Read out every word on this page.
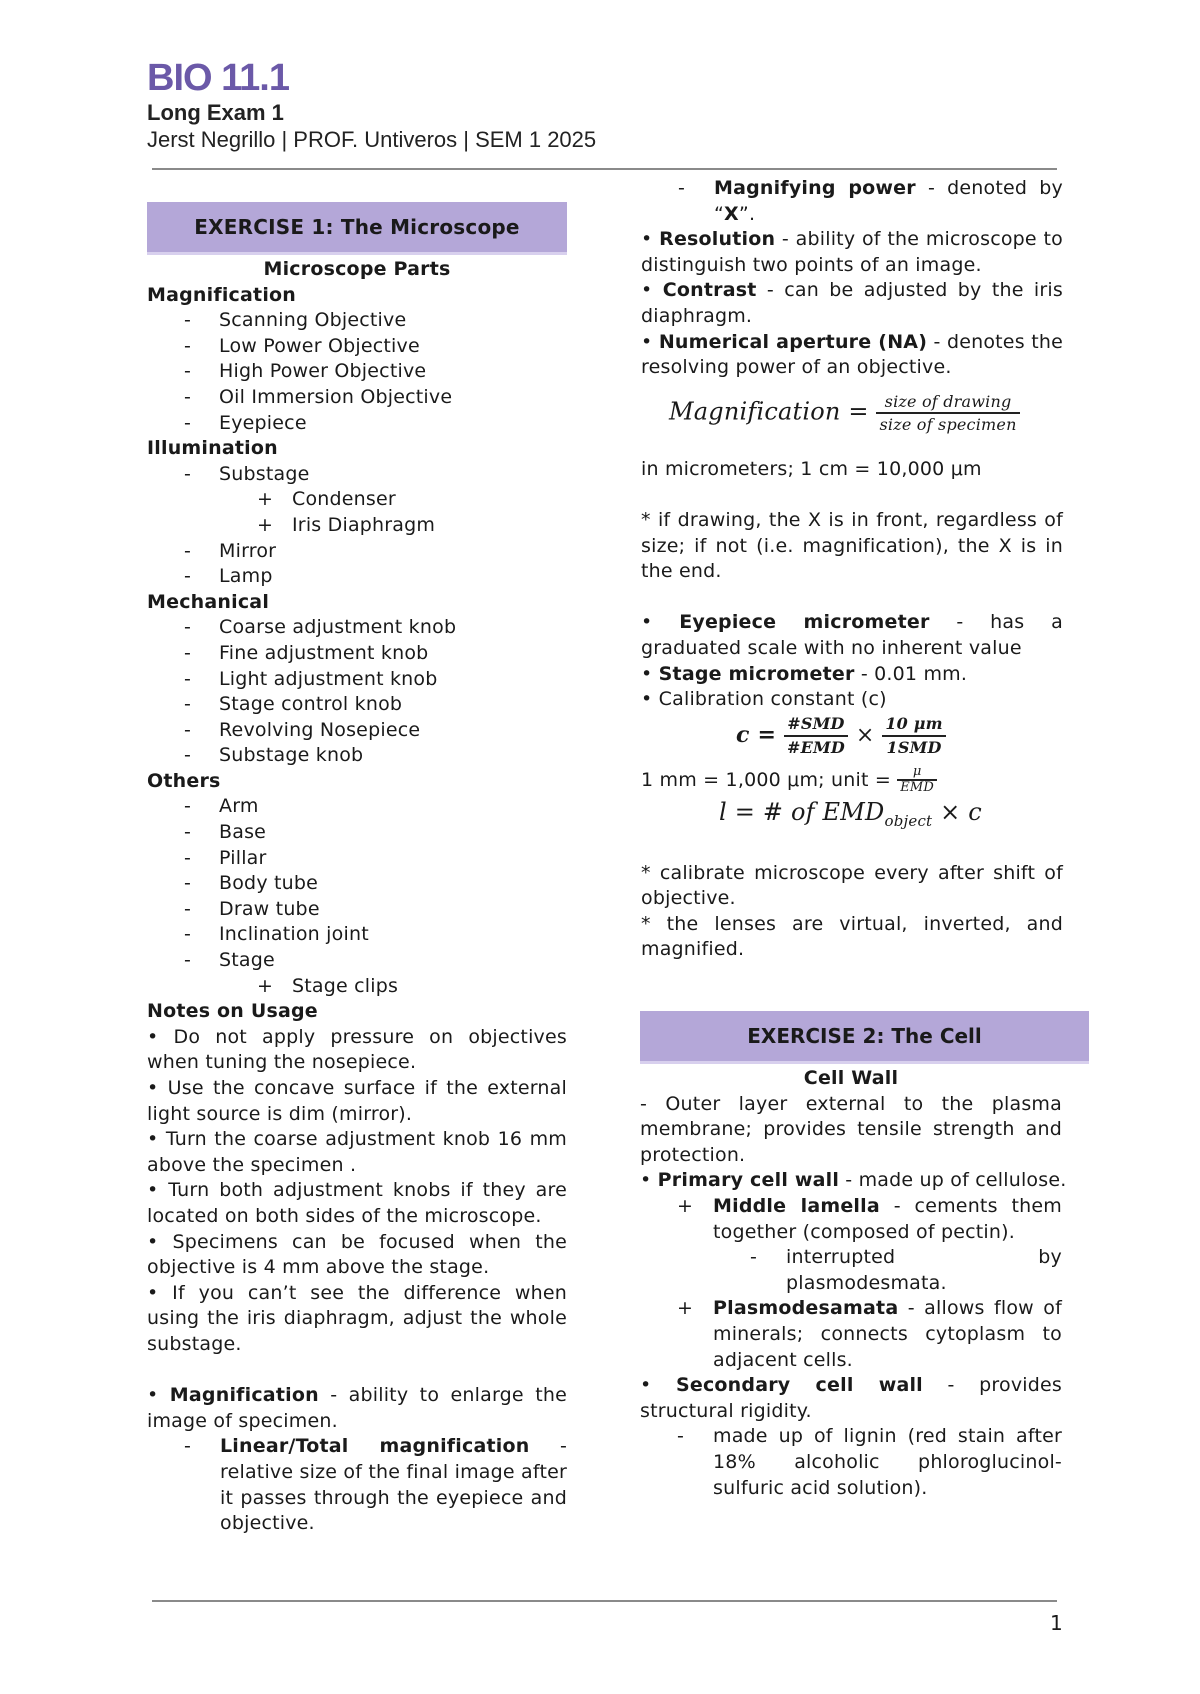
BIO 11.1
Long Exam 1
Jerst Negrillo | PROF. Untiveros | SEM 1 2025
EXERCISE 1: The Microscope
Microscope Parts
Magnification
- Scanning Objective
- Low Power Objective
- High Power Objective
- Oil Immersion Objective
- Eyepiece
Illumination
- Substage
+ Condenser
+ Iris Diaphragm
- Mirror
- Lamp
Mechanical
- Coarse adjustment knob
- Fine adjustment knob
- Light adjustment knob
- Stage control knob
- Revolving Nosepiece
- Substage knob
Others
- Arm
- Base
- Pillar
- Body tube
- Draw tube
- Inclination joint
- Stage
+ Stage clips
Notes on Usage
• Do not apply pressure on objectives when tuning the nosepiece.
• Use the concave surface if the external light source is dim (mirror).
• Turn the coarse adjustment knob 16 mm above the specimen .
• Turn both adjustment knobs if they are located on both sides of the microscope.
• Specimens can be focused when the objective is 4 mm above the stage.
• If you can’t see the difference when using the iris diaphragm, adjust the whole substage.
• Magnification - ability to enlarge the image of specimen.
-	Linear/Total magnification - relative size of the final image after it passes through the eyepiece and objective.
-	Magnifying power - denoted by “X”.
• Resolution - ability of the microscope to distinguish two points of an image.
• Contrast - can be adjusted by the iris diaphragm.
• Numerical aperture (NA) - denotes the resolving power of an objective.
Magnification = $\frac{\text{size of drawing}}{\text{size of specimen}}$
in micrometers; 1 cm = 10,000 μm
* if drawing, the X is in front, regardless of size; if not (i.e. magnification), the X is in the end.
• Eyepiece micrometer - has a graduated scale with no inherent value
• Stage micrometer - 0.01 mm.
• Calibration constant (c)
$c = \frac{\text{\#SMD}}{\text{\#EMD}} \times \frac{10 \mu m}{\text{1SMD}}$
1 mm = 1,000 μm; unit = $\frac{\mu}{\text{EMD}}$
l = # of $EMD_{object} \times c$
* calibrate microscope every after shift of objective.
* the lenses are virtual, inverted, and magnified.
EXERCISE 2: The Cell
Cell Wall
- Outer layer external to the plasma membrane; provides tensile strength and protection.
• Primary cell wall - made up of cellulose.
+	Middle lamella - cements them together (composed of pectin).
-	interrupted by plasmodesmata.
+	Plasmodesamata - allows flow of minerals; connects cytoplasm to adjacent cells.
• Secondary cell wall - provides structural rigidity.
-	made up of lignin (red stain after 18% alcoholic phloroglucinol-sulfuric acid solution).
1
